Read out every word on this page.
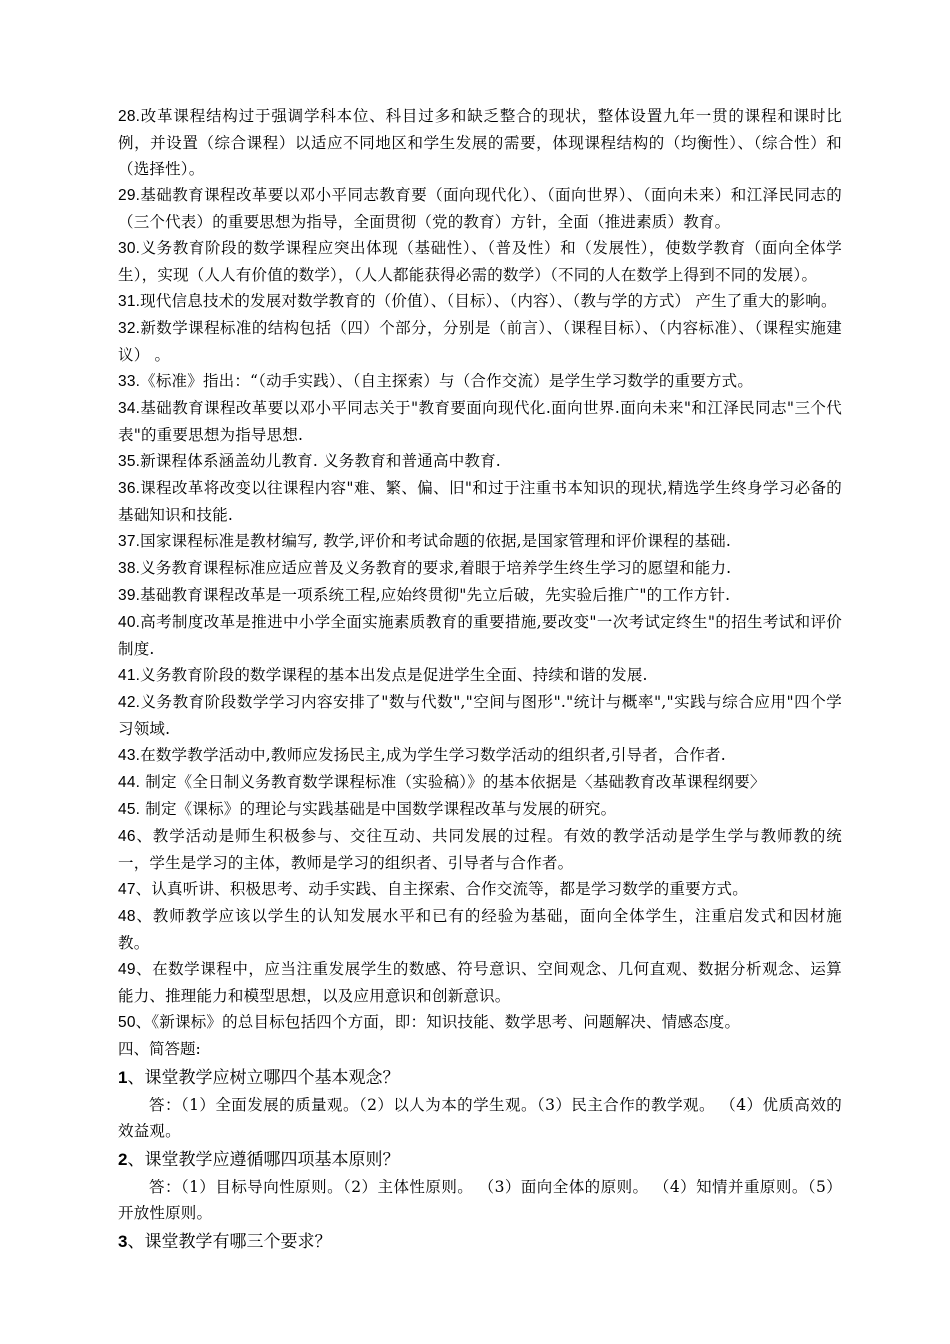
28.改革课程结构过于强调学科本位、科目过多和缺乏整合的现状，整体设置九年一贯的课程和课时比例，并设置（综合课程）以适应不同地区和学生发展的需要，体现课程结构的（均衡性）、（综合性）和（选择性）。

29.基础教育课程改革要以邓小平同志教育要（面向现代化）、（面向世界）、（面向未来）和江泽民同志的（三个代表）的重要思想为指导，全面贯彻（党的教育）方针，全面（推进素质）教育。

30.义务教育阶段的数学课程应突出体现（基础性）、（普及性）和（发展性），使数学教育（面向全体学生），实现（人人有价值的数学），（人人都能获得必需的数学）（不同的人在数学上得到不同的发展）。

31.现代信息技术的发展对数学教育的（价值）、（目标）、（内容）、（教与学的方式） 产生了重大的影响。

32.新数学课程标准的结构包括（四）个部分，分别是（前言）、（课程目标）、（内容标准）、（课程实施建议） 。

33.《标准》指出：“（动手实践）、（自主探索）与（合作交流）是学生学习数学的重要方式。

34.基础教育课程改革要以邓小平同志关于"教育要面向现代化.面向世界.面向未来"和江泽民同志"三个代表"的重要思想为指导思想.

35.新课程体系涵盖幼儿教育. 义务教育和普通高中教育.

36.课程改革将改变以往课程内容"难、繁、偏、旧"和过于注重书本知识的现状,精选学生终身学习必备的基础知识和技能.

37.国家课程标准是教材编写, 教学,评价和考试命题的依据,是国家管理和评价课程的基础.

38.义务教育课程标准应适应普及义务教育的要求,着眼于培养学生终生学习的愿望和能力.

39.基础教育课程改革是一项系统工程,应始终贯彻"先立后破，先实验后推广"的工作方针.

40.高考制度改革是推进中小学全面实施素质教育的重要措施,要改变"一次考试定终生"的招生考试和评价制度.

41.义务教育阶段的数学课程的基本出发点是促进学生全面、持续和谐的发展.

42.义务教育阶段数学学习内容安排了"数与代数","空间与图形"."统计与概率","实践与综合应用"四个学习领域.

43.在数学教学活动中,教师应发扬民主,成为学生学习数学活动的组织者,引导者，合作者.

44. 制定《全日制义务教育数学课程标准（实验稿）》的基本依据是〈基础教育改革课程纲要〉

45. 制定《课标》的理论与实践基础是中国数学课程改革与发展的研究。

46、教学活动是师生积极参与、交往互动、共同发展的过程。有效的教学活动是学生学与教师教的统一，学生是学习的主体，教师是学习的组织者、引导者与合作者。

47、认真听讲、积极思考、动手实践、自主探索、合作交流等，都是学习数学的重要方式。

48、教师教学应该以学生的认知发展水平和已有的经验为基础，面向全体学生，注重启发式和因材施教。

49、在数学课程中，应当注重发展学生的数感、符号意识、空间观念、几何直观、数据分析观念、运算能力、推理能力和模型思想，以及应用意识和创新意识。

50、《新课标》的总目标包括四个方面，即：知识技能、数学思考、问题解决、情感态度。

四、简答题:

1、课堂教学应树立哪四个基本观念？

答：（1）全面发展的质量观。（2）以人为本的学生观。（3）民主合作的教学观。 （4）优质高效的效益观。

2、课堂教学应遵循哪四项基本原则？

答：（1）目标导向性原则。（2）主体性原则。 （3）面向全体的原则。 （4）知情并重原则。（5）开放性原则。

3、课堂教学有哪三个要求？
